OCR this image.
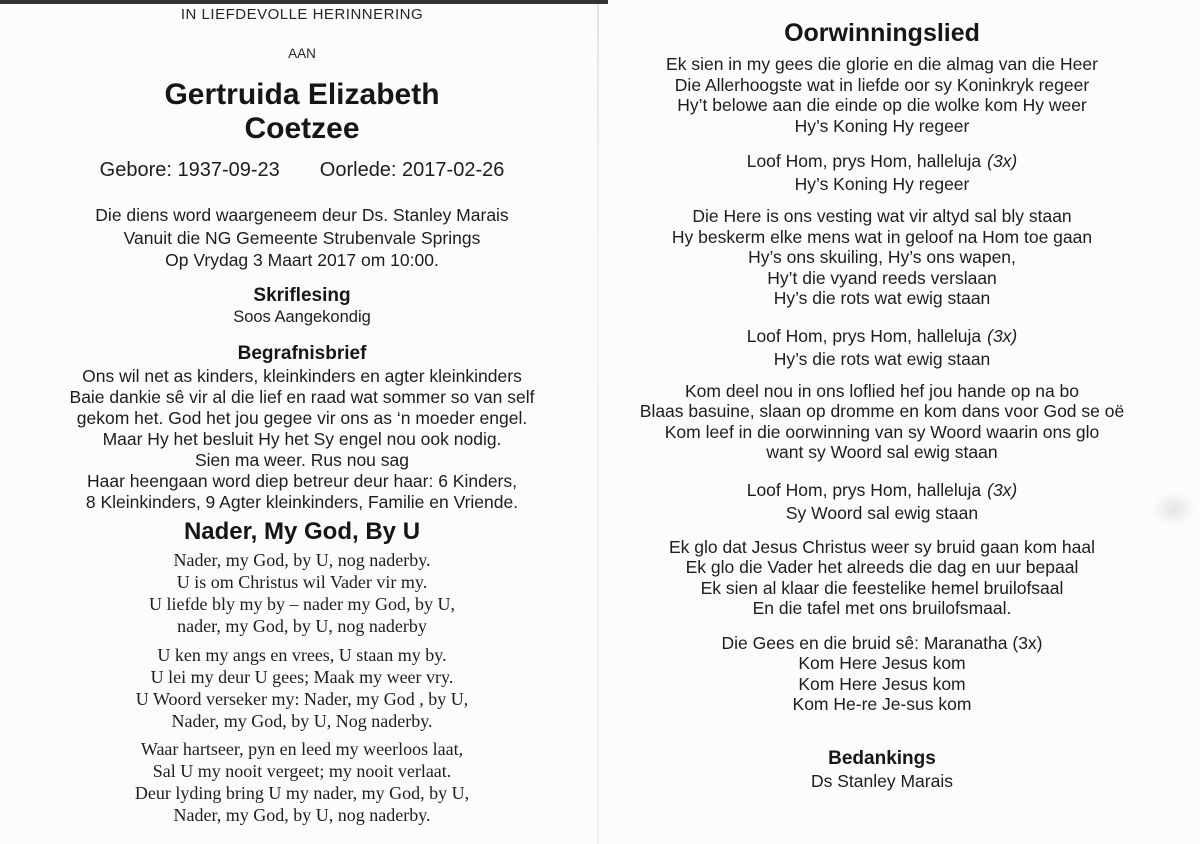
IN LIEFDEVOLLE HERINNERING
AAN
Gertruida Elizabeth
Coetzee
Gebore: 1937-09-23 Oorlede: 2017-02-26

Die diens word waargeneem deur Ds. Stanley Marais

Vanuit die NG Gemeente Strubenvale Springs

Op Vrydag 3 Maart 2017 om 10:00.

Skriflesing

Soos Aangekondig

Begrafnisbrief

Ons wil net as kinders, kleinkinders en agter kleinkinders

Baie dankie sê vir al die lief en raad wat sommer so van self

gekom het. God het jou gegee vir ons as ‘n moeder engel.

Maar Hy het besluit Hy het Sy engel nou ook nodig.

Sien ma weer. Rus nou sag

Haar heengaan word diep betreur deur haar: 6 Kinders,

8 Kleinkinders, 9 Agter kleinkinders, Familie en Vriende.

Nader, My God, By U

Nader, my God, by U, nog naderby.

U is om Christus wil Vader vir my.

U liefde bly my by – nader my God, by U,

nader, my God, by U, nog naderby

U ken my angs en vrees, U staan my by.

U lei my deur U gees; Maak my weer vry.

U Woord verseker my: Nader, my God , by U,

Nader, my God, by U, Nog naderby.

Waar hartseer, pyn en leed my weerloos laat,

Sal U my nooit vergeet; my nooit verlaat.

Deur lyding bring U my nader, my God, by U,

Nader, my God, by U, nog naderby.

Oorwinningslied

Ek sien in my gees die glorie en die almag van die Heer

Die Allerhoogste wat in liefde oor sy Koninkryk regeer

Hy’t belowe aan die einde op die wolke kom Hy weer

Hy’s Koning Hy regeer

Loof Hom, prys Hom, halleluja (3x)

Hy’s Koning Hy regeer

Die Here is ons vesting wat vir altyd sal bly staan

Hy beskerm elke mens wat in geloof na Hom toe gaan

Hy’s ons skuiling, Hy’s ons wapen,

Hy’t die vyand reeds verslaan

Hy’s die rots wat ewig staan

Loof Hom, prys Hom, halleluja (3x)

Hy’s die rots wat ewig staan

Kom deel nou in ons loflied hef jou hande op na bo

Blaas basuine, slaan op dromme en kom dans voor God se oë

Kom leef in die oorwinning van sy Woord waarin ons glo

want sy Woord sal ewig staan

Loof Hom, prys Hom, halleluja (3x)

Sy Woord sal ewig staan

Ek glo dat Jesus Christus weer sy bruid gaan kom haal

Ek glo die Vader het alreeds die dag en uur bepaal

Ek sien al klaar die feestelike hemel bruilofsaal

En die tafel met ons bruilofsmaal.

Die Gees en die bruid sê: Maranatha (3x)

Kom Here Jesus kom

Kom Here Jesus kom

Kom He-re Je-sus kom

Bedankings

Ds Stanley Marais
